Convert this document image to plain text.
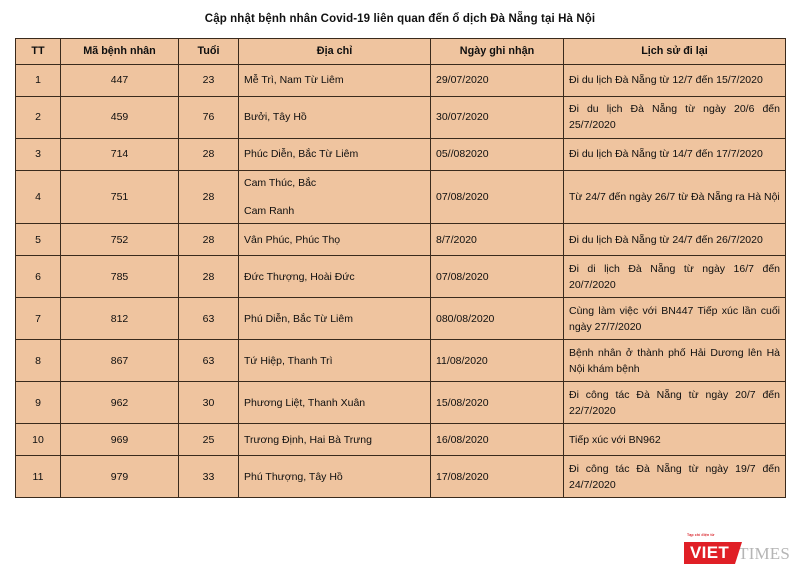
Cập nhật bệnh nhân Covid-19 liên quan đến ổ dịch Đà Nẵng tại Hà Nội
TT	Mã bệnh nhân	Tuổi	Địa chỉ	Ngày ghi nhận	Lịch sử đi lại
1	447	23	Mễ Trì, Nam Từ Liêm	29/07/2020	Đi du lịch Đà Nẵng từ 12/7 đến 15/7/2020
2	459	76	Bưởi, Tây Hồ	30/07/2020	Đi du lịch Đà Nẵng từ ngày 20/6 đến 25/7/2020
3	714	28	Phúc Diễn, Bắc Từ Liêm	05//082020	Đi du lịch Đà Nẵng từ 14/7 đến 17/7/2020
4	751	28	Cam Thúc, Bắc
Cam Ranh	07/08/2020	Từ 24/7 đến ngày 26/7 từ Đà Nẵng ra Hà Nội
5	752	28	Vân Phúc, Phúc Thọ	8/7/2020	Đi du lịch Đà Nẵng từ 24/7 đến 26/7/2020
6	785	28	Đức Thượng, Hoài Đức	07/08/2020	Đi di lịch Đà Nẵng từ ngày 16/7 đến 20/7/2020
7	812	63	Phú Diễn, Bắc Từ Liêm	080/08/2020	Cùng làm việc với BN447 Tiếp xúc lần cuối ngày 27/7/2020
8	867	63	Tứ Hiệp, Thanh Trì	11/08/2020	Bệnh nhân ở thành phố Hải Dương lên Hà Nội khám bệnh
9	962	30	Phương Liệt, Thanh Xuân	15/08/2020	Đi công tác Đà Nẵng từ ngày 20/7 đến 22/7/2020
10	969	25	Trương Định, Hai Bà Trưng	16/08/2020	Tiếp xúc với BN962
11	979	33	Phú Thượng, Tây Hồ	17/08/2020	Đi công tác Đà Nẵng từ ngày 19/7 đến 24/7/2020
Tạp chí điện tử
VIET TIMES
